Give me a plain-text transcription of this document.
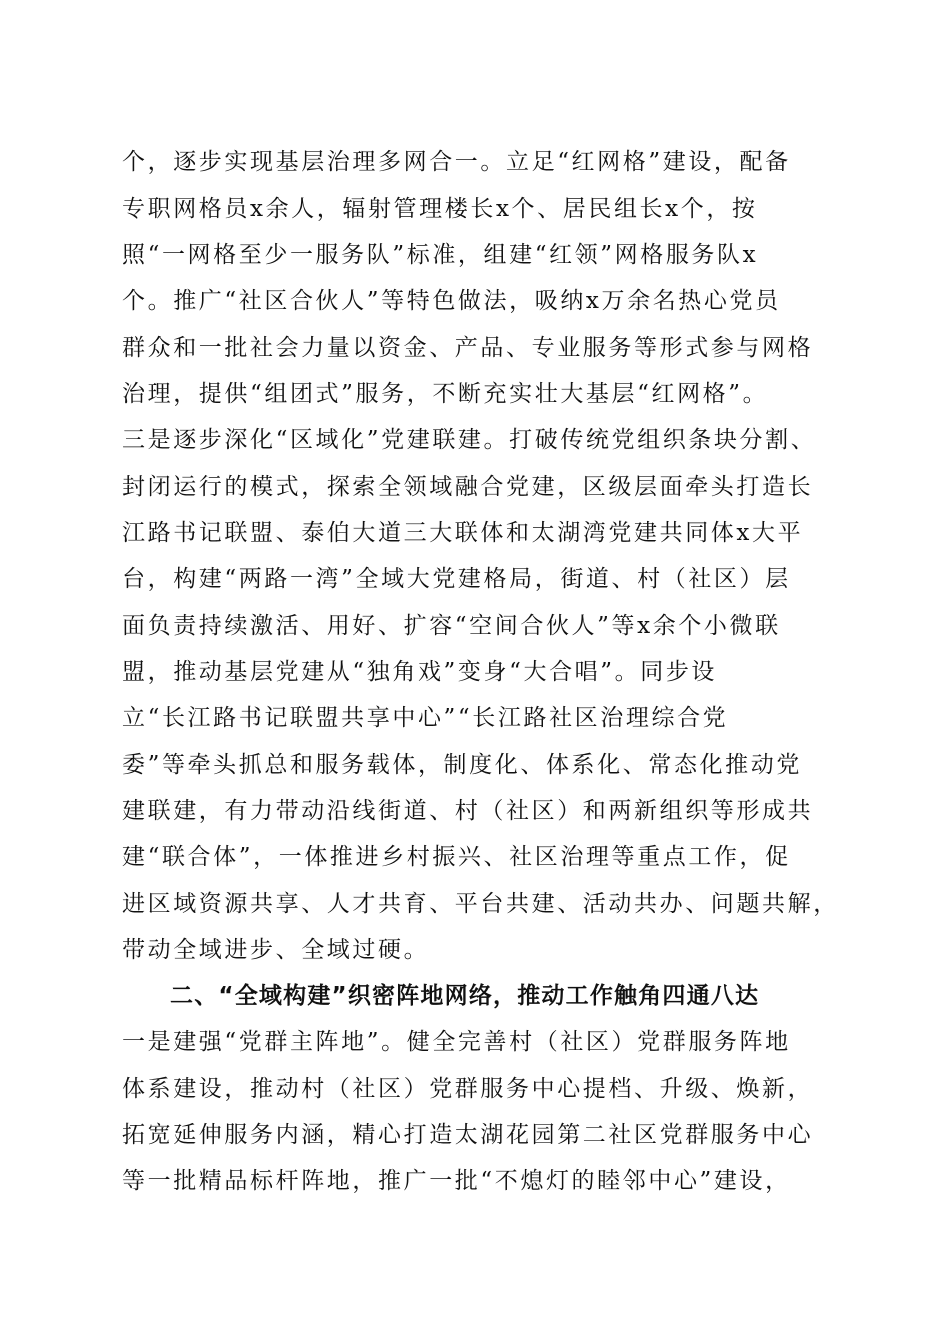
个，逐步实现基层治理多网合一。立足“红网格”建设，配备
专职网格员x余人，辐射管理楼长x个、居民组长x个，按
照“一网格至少一服务队”标准，组建“红领”网格服务队x
个。推广“社区合伙人”等特色做法，吸纳x万余名热心党员
群众和一批社会力量以资金、产品、专业服务等形式参与网格
治理，提供“组团式”服务，不断充实壮大基层“红网格”。
三是逐步深化“区域化”党建联建。打破传统党组织条块分割、
封闭运行的模式，探索全领域融合党建，区级层面牵头打造长
江路书记联盟、泰伯大道三大联体和太湖湾党建共同体x大平
台，构建“两路一湾”全域大党建格局，街道、村（社区）层
面负责持续激活、用好、扩容“空间合伙人”等x余个小微联
盟，推动基层党建从“独角戏”变身“大合唱”。同步设
立“长江路书记联盟共享中心”“长江路社区治理综合党
委”等牵头抓总和服务载体，制度化、体系化、常态化推动党
建联建，有力带动沿线街道、村（社区）和两新组织等形成共
建“联合体”，一体推进乡村振兴、社区治理等重点工作，促
进区域资源共享、人才共育、平台共建、活动共办、问题共解，
带动全域进步、全域过硬。
二、“全域构建”织密阵地网络，推动工作触角四通八达
一是建强“党群主阵地”。健全完善村（社区）党群服务阵地
体系建设，推动村（社区）党群服务中心提档、升级、焕新，
拓宽延伸服务内涵，精心打造太湖花园第二社区党群服务中心
等一批精品标杆阵地，推广一批“不熄灯的睦邻中心”建设，
